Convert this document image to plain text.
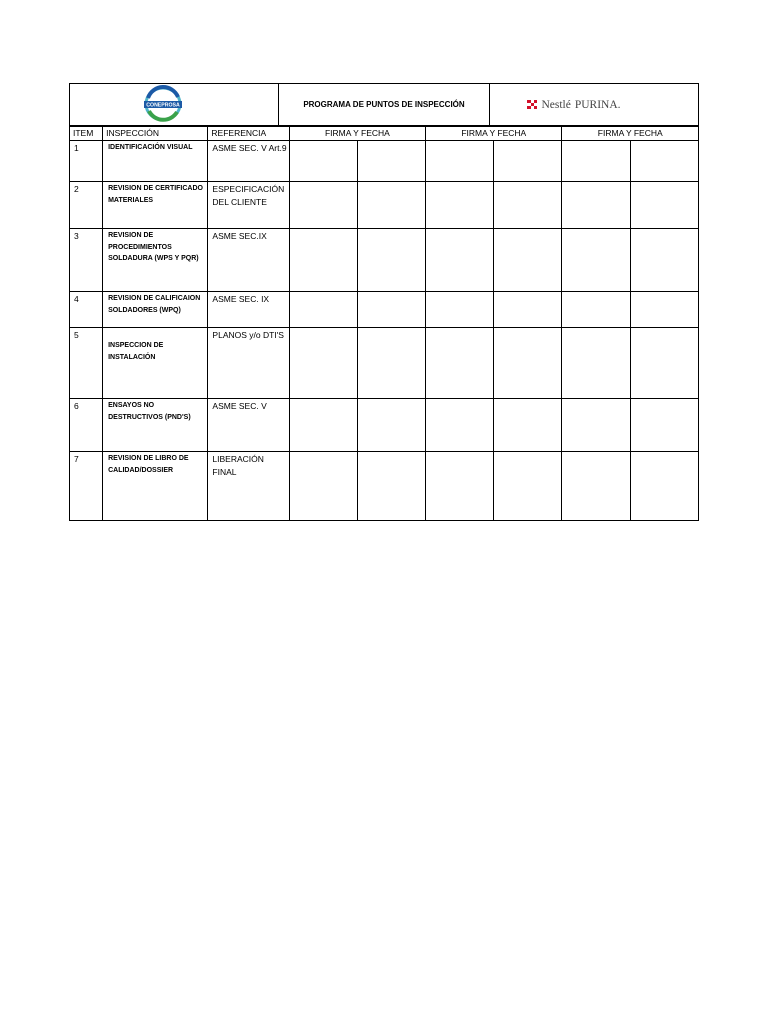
CONEPROSA	PROGRAMA DE PUNTOS DE INSPECCIÓN	Nestlé PURINA.
ITEM	INSPECCIÓN	REFERENCIA	FIRMA Y FECHA		FIRMA Y FECHA		FIRMA Y FECHA	
1	IDENTIFICACIÓN VISUAL	ASME SEC. V Art.9						
2	REVISION DE CERTIFICADO MATERIALES	ESPECIFICACIÓN DEL CLIENTE						
3	REVISION DE PROCEDIMIENTOS SOLDADURA (WPS Y PQR)	ASME SEC.IX						
4	REVISION DE CALIFICAION SOLDADORES (WPQ)	ASME SEC. IX						
5	INSPECCION DE INSTALACIÓN	PLANOS y/o DTI'S						
6	ENSAYOS NO DESTRUCTIVOS (PND'S)	ASME SEC. V						
7	REVISION DE LIBRO DE CALIDAD/DOSSIER	LIBERACIÓN FINAL						
